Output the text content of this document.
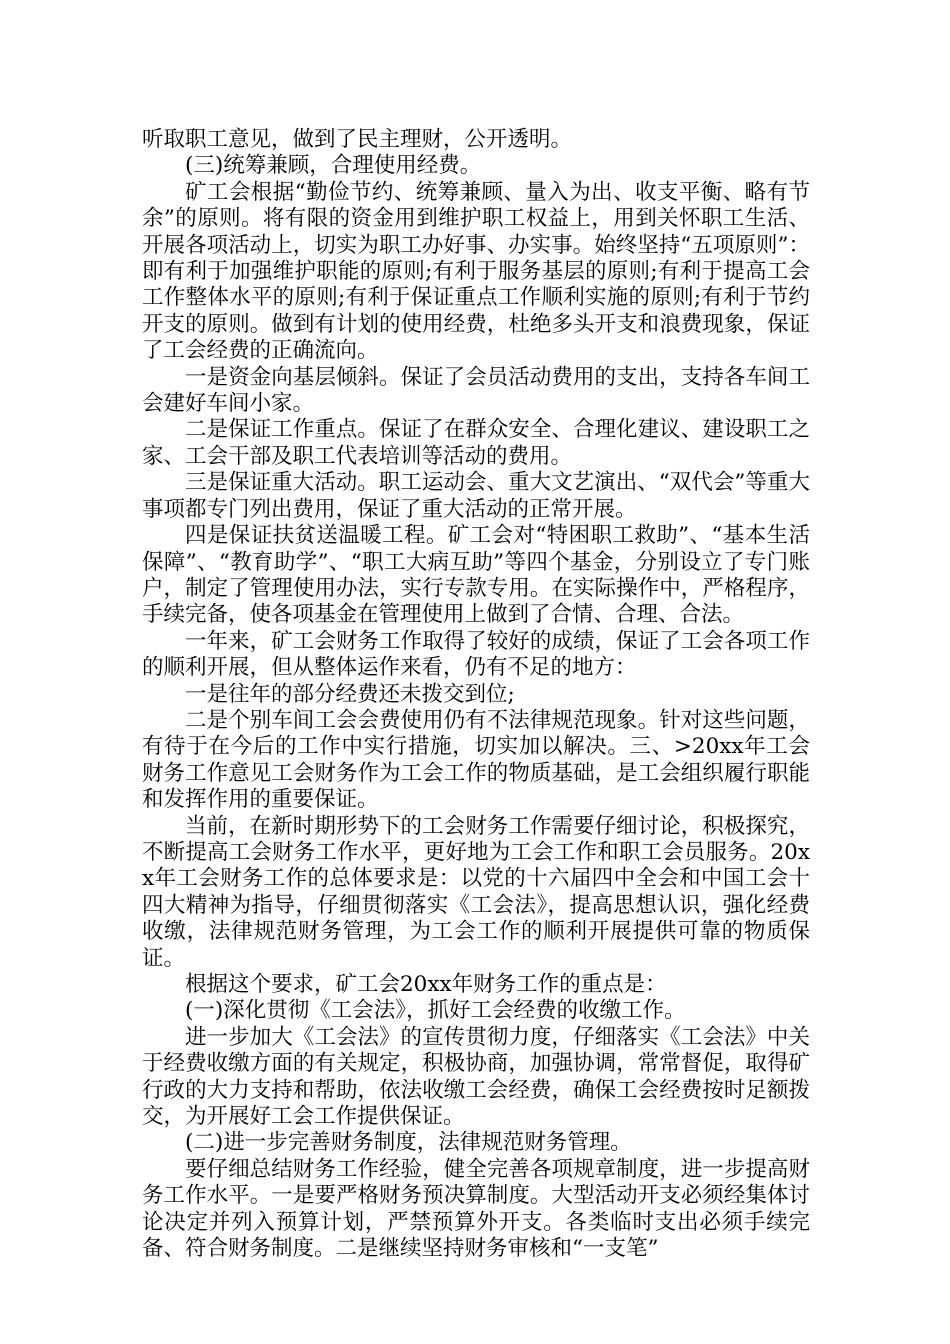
听取职工意见，做到了民主理财，公开透明。

(三)统筹兼顾，合理使用经费。

矿工会根据“勤俭节约、统筹兼顾、量入为出、收支平衡、略有节余”的原则。将有限的资金用到维护职工权益上，用到关怀职工生活、开展各项活动上，切实为职工办好事、办实事。始终坚持“五项原则”：即有利于加强维护职能的原则;有利于服务基层的原则;有利于提高工会工作整体水平的原则;有利于保证重点工作顺利实施的原则;有利于节约开支的原则。做到有计划的使用经费，杜绝多头开支和浪费现象，保证了工会经费的正确流向。

一是资金向基层倾斜。保证了会员活动费用的支出，支持各车间工会建好车间小家。

二是保证工作重点。保证了在群众安全、合理化建议、建设职工之家、工会干部及职工代表培训等活动的费用。

三是保证重大活动。职工运动会、重大文艺演出、“双代会”等重大事项都专门列出费用，保证了重大活动的正常开展。

四是保证扶贫送温暖工程。矿工会对“特困职工救助”、“基本生活保障”、“教育助学”、“职工大病互助”等四个基金，分别设立了专门账户，制定了管理使用办法，实行专款专用。在实际操作中，严格程序，手续完备，使各项基金在管理使用上做到了合情、合理、合法。

一年来，矿工会财务工作取得了较好的成绩，保证了工会各项工作的顺利开展，但从整体运作来看，仍有不足的地方：

一是往年的部分经费还未拨交到位;

二是个别车间工会会费使用仍有不法律规范现象。针对这些问题，有待于在今后的工作中实行措施，切实加以解决。三、>20xx年工会财务工作意见工会财务作为工会工作的物质基础，是工会组织履行职能和发挥作用的重要保证。

当前，在新时期形势下的工会财务工作需要仔细讨论，积极探究，不断提高工会财务工作水平，更好地为工会工作和职工会员服务。20xx年工会财务工作的总体要求是：以党的十六届四中全会和中国工会十四大精神为指导，仔细贯彻落实《工会法》，提高思想认识，强化经费收缴，法律规范财务管理，为工会工作的顺利开展提供可靠的物质保证。

根据这个要求，矿工会20xx年财务工作的重点是：

(一)深化贯彻《工会法》，抓好工会经费的收缴工作。

进一步加大《工会法》的宣传贯彻力度，仔细落实《工会法》中关于经费收缴方面的有关规定，积极协商，加强协调，常常督促，取得矿行政的大力支持和帮助，依法收缴工会经费，确保工会经费按时足额拨交，为开展好工会工作提供保证。

(二)进一步完善财务制度，法律规范财务管理。

要仔细总结财务工作经验，健全完善各项规章制度，进一步提高财务工作水平。一是要严格财务预决算制度。大型活动开支必须经集体讨论决定并列入预算计划，严禁预算外开支。各类临时支出必须手续完备、符合财务制度。二是继续坚持财务审核和“一支笔”
